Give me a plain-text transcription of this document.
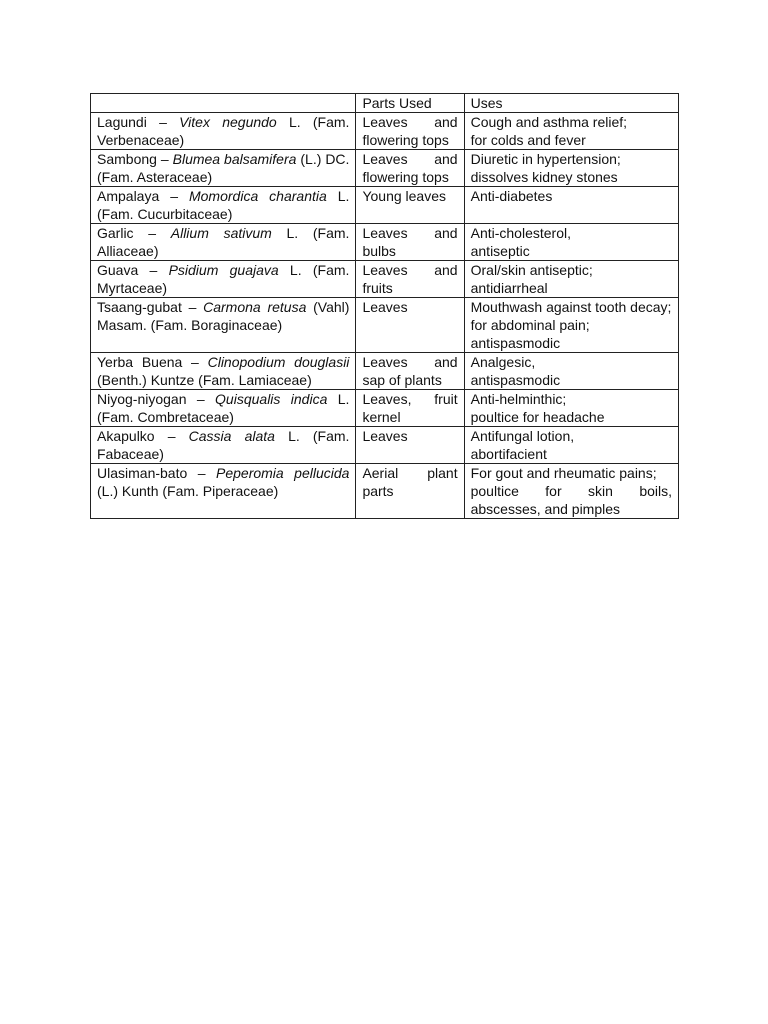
	Parts Used	Uses
Lagundi – Vitex negundo L. (Fam. Verbenaceae)	Leaves and flowering tops	Cough and asthma relief;
for colds and fever

Sambong – Blumea balsamifera (L.) DC. (Fam. Asteraceae)	Leaves and flowering tops	Diuretic in hypertension;
dissolves kidney stones

Ampalaya – Momordica charantia L. (Fam. Cucurbitaceae)	Young leaves	Anti-diabetes

Garlic – Allium sativum L. (Fam. Alliaceae)	Leaves and bulbs	Anti-cholesterol,
antiseptic

Guava – Psidium guajava L. (Fam. Myrtaceae)	Leaves and fruits	Oral/skin antiseptic;
antidiarrheal

Tsaang-gubat – Carmona retusa (Vahl) Masam. (Fam. Boraginaceae)	Leaves	Mouthwash against tooth decay;
for abdominal pain;
antispasmodic

Yerba Buena – Clinopodium douglasii (Benth.) Kuntze (Fam. Lamiaceae)	Leaves and sap of plants	Analgesic,
antispasmodic

Niyog-niyogan – Quisqualis indica L. (Fam. Combretaceae)	Leaves, fruit kernel	Anti-helminthic;
poultice for headache

Akapulko – Cassia alata L. (Fam. Fabaceae)	Leaves	Antifungal lotion,
abortifacient

Ulasiman-bato – Peperomia pellucida (L.) Kunth (Fam. Piperaceae)	Aerial plant parts	For gout and rheumatic pains;
poultice for skin boils, abscesses, and pimples
